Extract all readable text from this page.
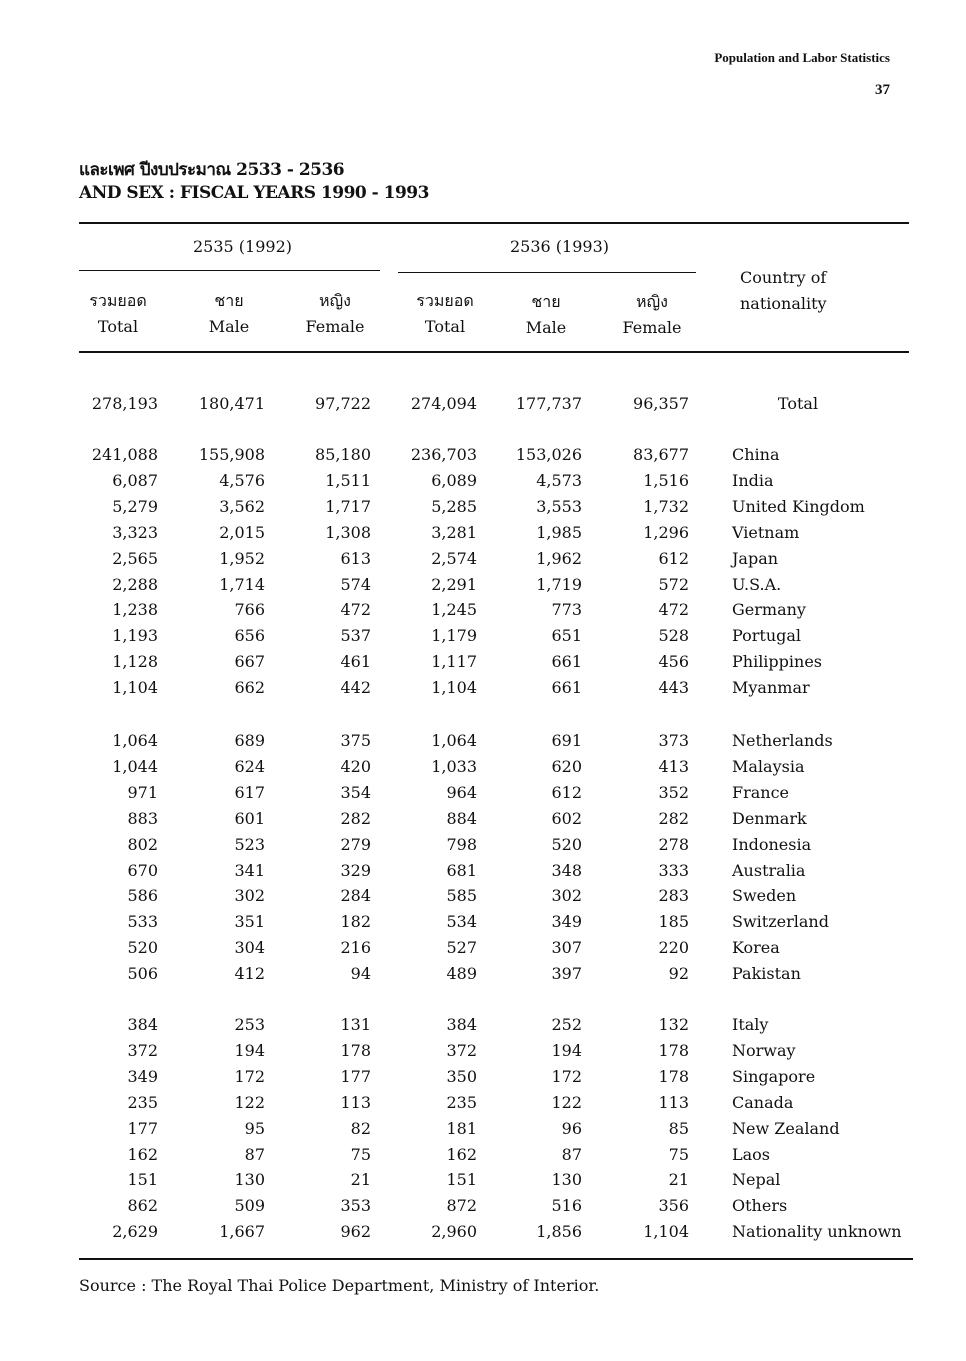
Population and Labor Statistics
37
และเพศ ปีงบประมาณ 2533 - 2536
AND SEX : FISCAL YEARS 1990 - 1993
2535 (1992)	2536 (1993)
รวมยอด
Total
ชาย
Male
หญิง
Female
รวมยอด
Total
ชาย
Male
หญิง
Female
Country of
nationality
278,193	180,471	97,722	274,094	177,737	96,357	Total
241,088	155,908	85,180	236,703	153,026	83,677	China
6,087	4,576	1,511	6,089	4,573	1,516	India
5,279	3,562	1,717	5,285	3,553	1,732	United Kingdom
3,323	2,015	1,308	3,281	1,985	1,296	Vietnam
2,565	1,952	613	2,574	1,962	612	Japan
2,288	1,714	574	2,291	1,719	572	U.S.A.
1,238	766	472	1,245	773	472	Germany
1,193	656	537	1,179	651	528	Portugal
1,128	667	461	1,117	661	456	Philippines
1,104	662	442	1,104	661	443	Myanmar
1,064	689	375	1,064	691	373	Netherlands
1,044	624	420	1,033	620	413	Malaysia
971	617	354	964	612	352	France
883	601	282	884	602	282	Denmark
802	523	279	798	520	278	Indonesia
670	341	329	681	348	333	Australia
586	302	284	585	302	283	Sweden
533	351	182	534	349	185	Switzerland
520	304	216	527	307	220	Korea
506	412	94	489	397	92	Pakistan
384	253	131	384	252	132	Italy
372	194	178	372	194	178	Norway
349	172	177	350	172	178	Singapore
235	122	113	235	122	113	Canada
177	95	82	181	96	85	New Zealand
162	87	75	162	87	75	Laos
151	130	21	151	130	21	Nepal
862	509	353	872	516	356	Others
2,629	1,667	962	2,960	1,856	1,104	Nationality unknown
Source : The Royal Thai Police Department, Ministry of Interior.
